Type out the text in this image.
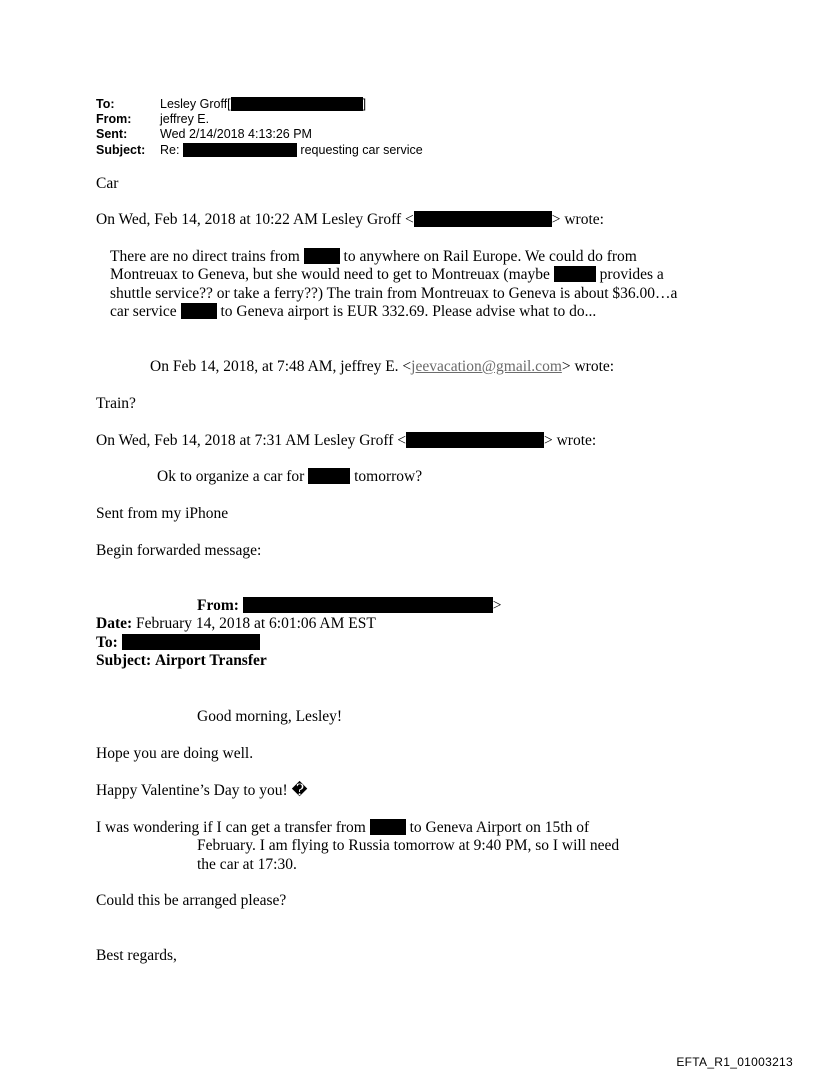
To:	Lesley Groff[	]
From: jeffrey E.
Sent:	Wed 2/14/2018 4:13:26 PM
Subject: Re:	requesting car service
Car
On Wed, Feb 14, 2018 at 10:22 AM Lesley Groff <	> wrote:
There are no direct trains from	to anywhere on Rail Europe. We could do from
Montreuax to Geneva, but she would need to get to Montreuax (maybe	provides a
shuttle service?? or take a ferry??) The train from Montreuax to Geneva is about $36.00…a
car service	to Geneva airport is EUR 332.69. Please advise what to do...
On Feb 14, 2018, at 7:48 AM, jeffrey E. <jeevacation@gmail.com> wrote:
Train?
On Wed, Feb 14, 2018 at 7:31 AM Lesley Groff <	> wrote:
Ok to organize a car for	tomorrow?
Sent from my iPhone
Begin forwarded message:
From:	>
Date: February 14, 2018 at 6:01:06 AM EST
To:
Subject: Airport Transfer
Good morning, Lesley!
Hope you are doing well.
Happy Valentine’s Day to you! �
I was wondering if I can get a transfer from	to Geneva Airport on 15th of
February. I am flying to Russia tomorrow at 9:40 PM, so I will need
the car at 17:30.
Could this be arranged please?
Best regards,
EFTA_R1_01003213
